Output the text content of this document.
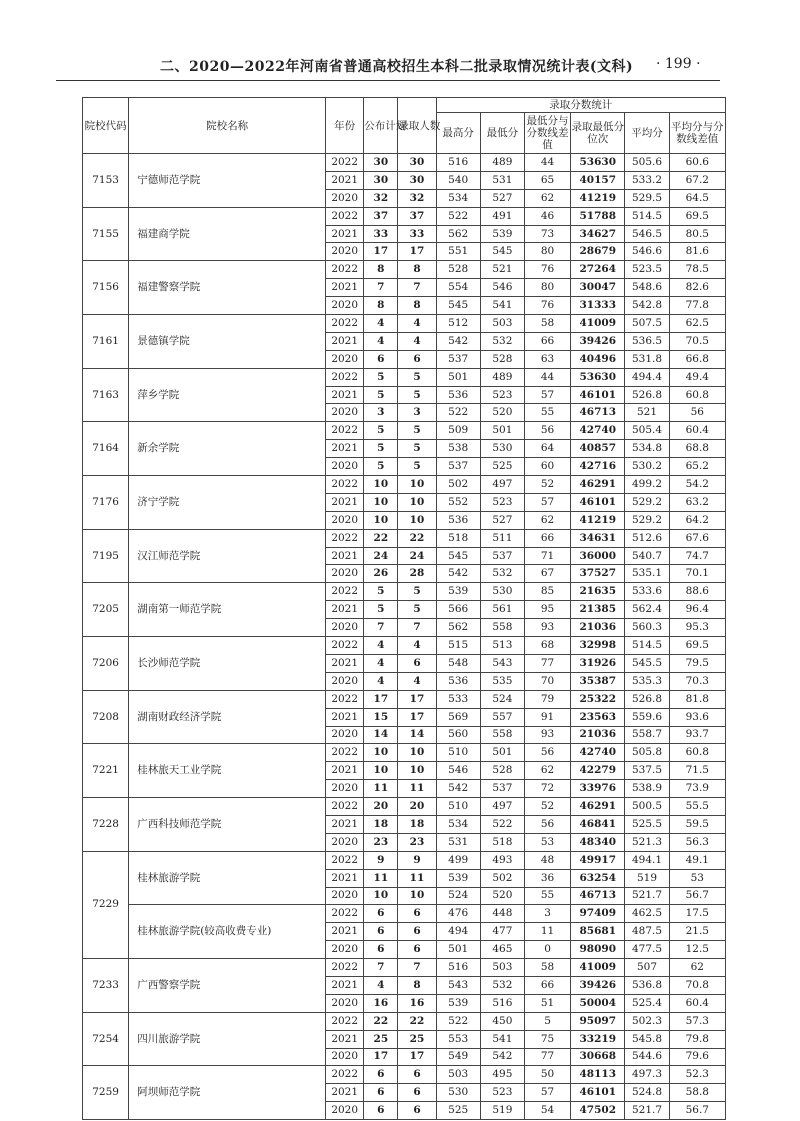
二、2020—2022年河南省普通高校招生本科二批录取情况统计表(文科)	· 199 ·
院校代码	院校名称	年份	公布计划	录取人数	录取分数统计					
					最高分	最低分	最低分与分数线差值	录取最低分位次	平均分	平均分与分数线差值
7153	宁德师范学院	2022	30	30	516	489	44	53630	505.6	60.6
		2021	30	30	540	531	65	40157	533.2	67.2
		2020	32	32	534	527	62	41219	529.5	64.5
7155	福建商学院	2022	37	37	522	491	46	51788	514.5	69.5
		2021	33	33	562	539	73	34627	546.5	80.5
		2020	17	17	551	545	80	28679	546.6	81.6
7156	福建警察学院	2022	8	8	528	521	76	27264	523.5	78.5
		2021	7	7	554	546	80	30047	548.6	82.6
		2020	8	8	545	541	76	31333	542.8	77.8
7161	景德镇学院	2022	4	4	512	503	58	41009	507.5	62.5
		2021	4	4	542	532	66	39426	536.5	70.5
		2020	6	6	537	528	63	40496	531.8	66.8
7163	萍乡学院	2022	5	5	501	489	44	53630	494.4	49.4
		2021	5	5	536	523	57	46101	526.8	60.8
		2020	3	3	522	520	55	46713	521	56
7164	新余学院	2022	5	5	509	501	56	42740	505.4	60.4
		2021	5	5	538	530	64	40857	534.8	68.8
		2020	5	5	537	525	60	42716	530.2	65.2
7176	济宁学院	2022	10	10	502	497	52	46291	499.2	54.2
		2021	10	10	552	523	57	46101	529.2	63.2
		2020	10	10	536	527	62	41219	529.2	64.2
7195	汉江师范学院	2022	22	22	518	511	66	34631	512.6	67.6
		2021	24	24	545	537	71	36000	540.7	74.7
		2020	26	28	542	532	67	37527	535.1	70.1
7205	湖南第一师范学院	2022	5	5	539	530	85	21635	533.6	88.6
		2021	5	5	566	561	95	21385	562.4	96.4
		2020	7	7	562	558	93	21036	560.3	95.3
7206	长沙师范学院	2022	4	4	515	513	68	32998	514.5	69.5
		2021	4	6	548	543	77	31926	545.5	79.5
		2020	4	4	536	535	70	35387	535.3	70.3
7208	湖南财政经济学院	2022	17	17	533	524	79	25322	526.8	81.8
		2021	15	17	569	557	91	23563	559.6	93.6
		2020	14	14	560	558	93	21036	558.7	93.7
7221	桂林旅天工业学院	2022	10	10	510	501	56	42740	505.8	60.8
		2021	10	10	546	528	62	42279	537.5	71.5
		2020	11	11	542	537	72	33976	538.9	73.9
7228	广西科技师范学院	2022	20	20	510	497	52	46291	500.5	55.5
		2021	18	18	534	522	56	46841	525.5	59.5
		2020	23	23	531	518	53	48340	521.3	56.3
7229	桂林旅游学院	2022	9	9	499	493	48	49917	494.1	49.1
		2021	11	11	539	502	36	63254	519	53
		2020	10	10	524	520	55	46713	521.7	56.7
	桂林旅游学院(较高收费专业)	2022	6	6	476	448	3	97409	462.5	17.5
		2021	6	6	494	477	11	85681	487.5	21.5
		2020	6	6	501	465	0	98090	477.5	12.5
7233	广西警察学院	2022	7	7	516	503	58	41009	507	62
		2021	4	8	543	532	66	39426	536.8	70.8
		2020	16	16	539	516	51	50004	525.4	60.4
7254	四川旅游学院	2022	22	22	522	450	5	95097	502.3	57.3
		2021	25	25	553	541	75	33219	545.8	79.8
		2020	17	17	549	542	77	30668	544.6	79.6
7259	阿坝师范学院	2022	6	6	503	495	50	48113	497.3	52.3
		2021	6	6	530	523	57	46101	524.8	58.8
		2020	6	6	525	519	54	47502	521.7	56.7
